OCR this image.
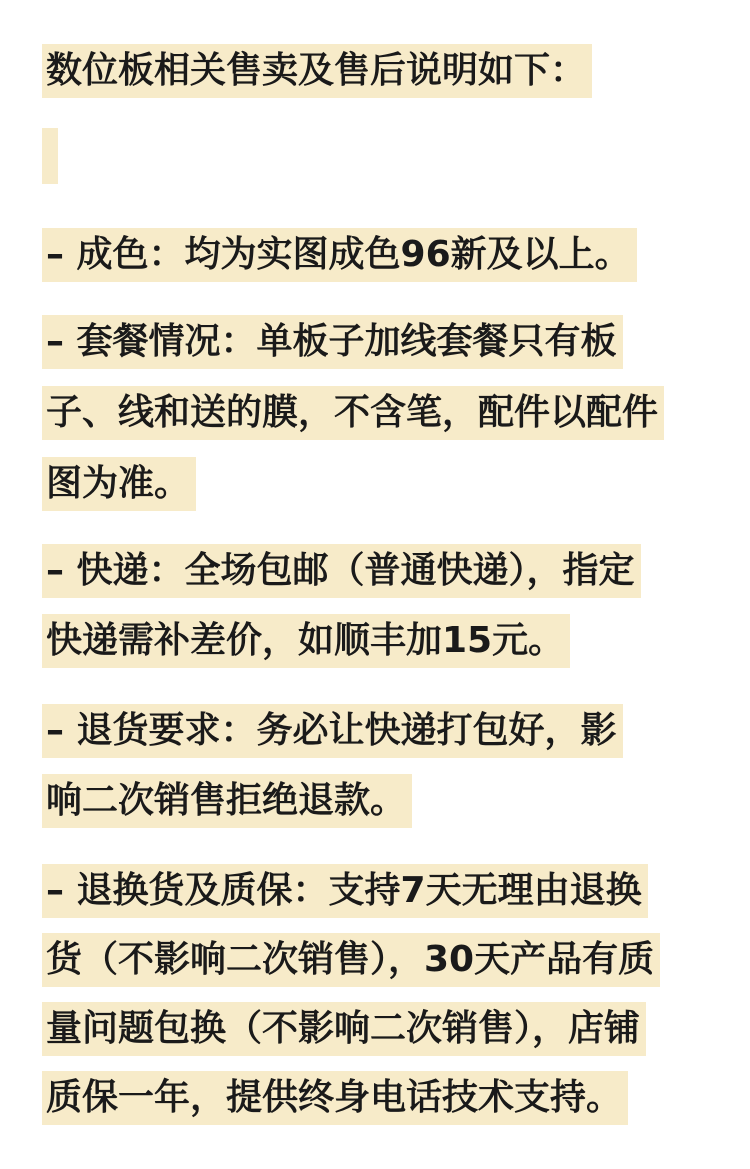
数位板相关售卖及售后说明如下：
– 成色：均为实图成色96新及以上。
– 套餐情况：单板子加线套餐只有板
子、线和送的膜，不含笔，配件以配件
图为准。
– 快递：全场包邮（普通快递），指定
快递需补差价，如顺丰加15元。
– 退货要求：务必让快递打包好，影
响二次销售拒绝退款。
– 退换货及质保：支持7天无理由退换
货（不影响二次销售），30天产品有质
量问题包换（不影响二次销售），店铺
质保一年，提供终身电话技术支持。
